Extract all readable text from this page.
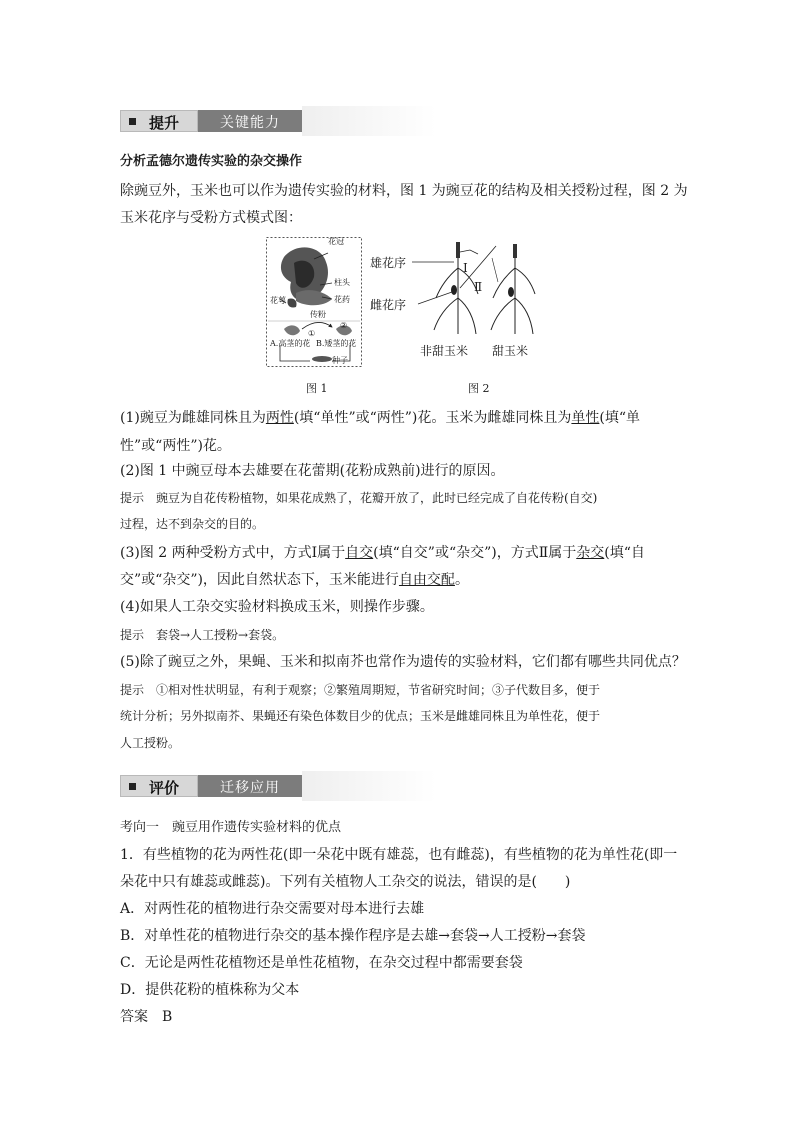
提升	关键能力
分析孟德尔遗传实验的杂交操作
除豌豆外，玉米也可以作为遗传实验的材料，图 1 为豌豆花的结构及相关授粉过程，图 2 为
玉米花序与受粉方式模式图：
花冠
柱头
花药
花萼
传粉
①
②
A.高茎的花 B.矮茎的花
种子
图 1
雄花序
雌花序
Ⅰ
Ⅱ
非甜玉米 甜玉米
图 2
(1)豌豆为雌雄同株且为两性(填“单性”或“两性”)花。玉米为雌雄同株且为单性(填“单
性”或“两性”)花。
(2)图 1 中豌豆母本去雄要在花蕾期(花粉成熟前)进行的原因。
提示　豌豆为自花传粉植物，如果花成熟了，花瓣开放了，此时已经完成了自花传粉(自交)
过程，达不到杂交的目的。
(3)图 2 两种受粉方式中，方式Ⅰ属于自交(填“自交”或“杂交”)，方式Ⅱ属于杂交(填“自
交”或“杂交”)，因此自然状态下，玉米能进行自由交配。
(4)如果人工杂交实验材料换成玉米，则操作步骤。
提示　套袋→人工授粉→套袋。
(5)除了豌豆之外，果蝇、玉米和拟南芥也常作为遗传的实验材料，它们都有哪些共同优点？
提示　①相对性状明显，有利于观察；②繁殖周期短，节省研究时间；③子代数目多，便于
统计分析；另外拟南芥、果蝇还有染色体数目少的优点；玉米是雌雄同株且为单性花，便于
人工授粉。
评价	迁移应用
考向一　豌豆用作遗传实验材料的优点
1．有些植物的花为两性花(即一朵花中既有雄蕊，也有雌蕊)，有些植物的花为单性花(即一
朵花中只有雄蕊或雌蕊)。下列有关植物人工杂交的说法，错误的是(　　)
A．对两性花的植物进行杂交需要对母本进行去雄
B．对单性花的植物进行杂交的基本操作程序是去雄→套袋→人工授粉→套袋
C．无论是两性花植物还是单性花植物，在杂交过程中都需要套袋
D．提供花粉的植株称为父本
答案　B
